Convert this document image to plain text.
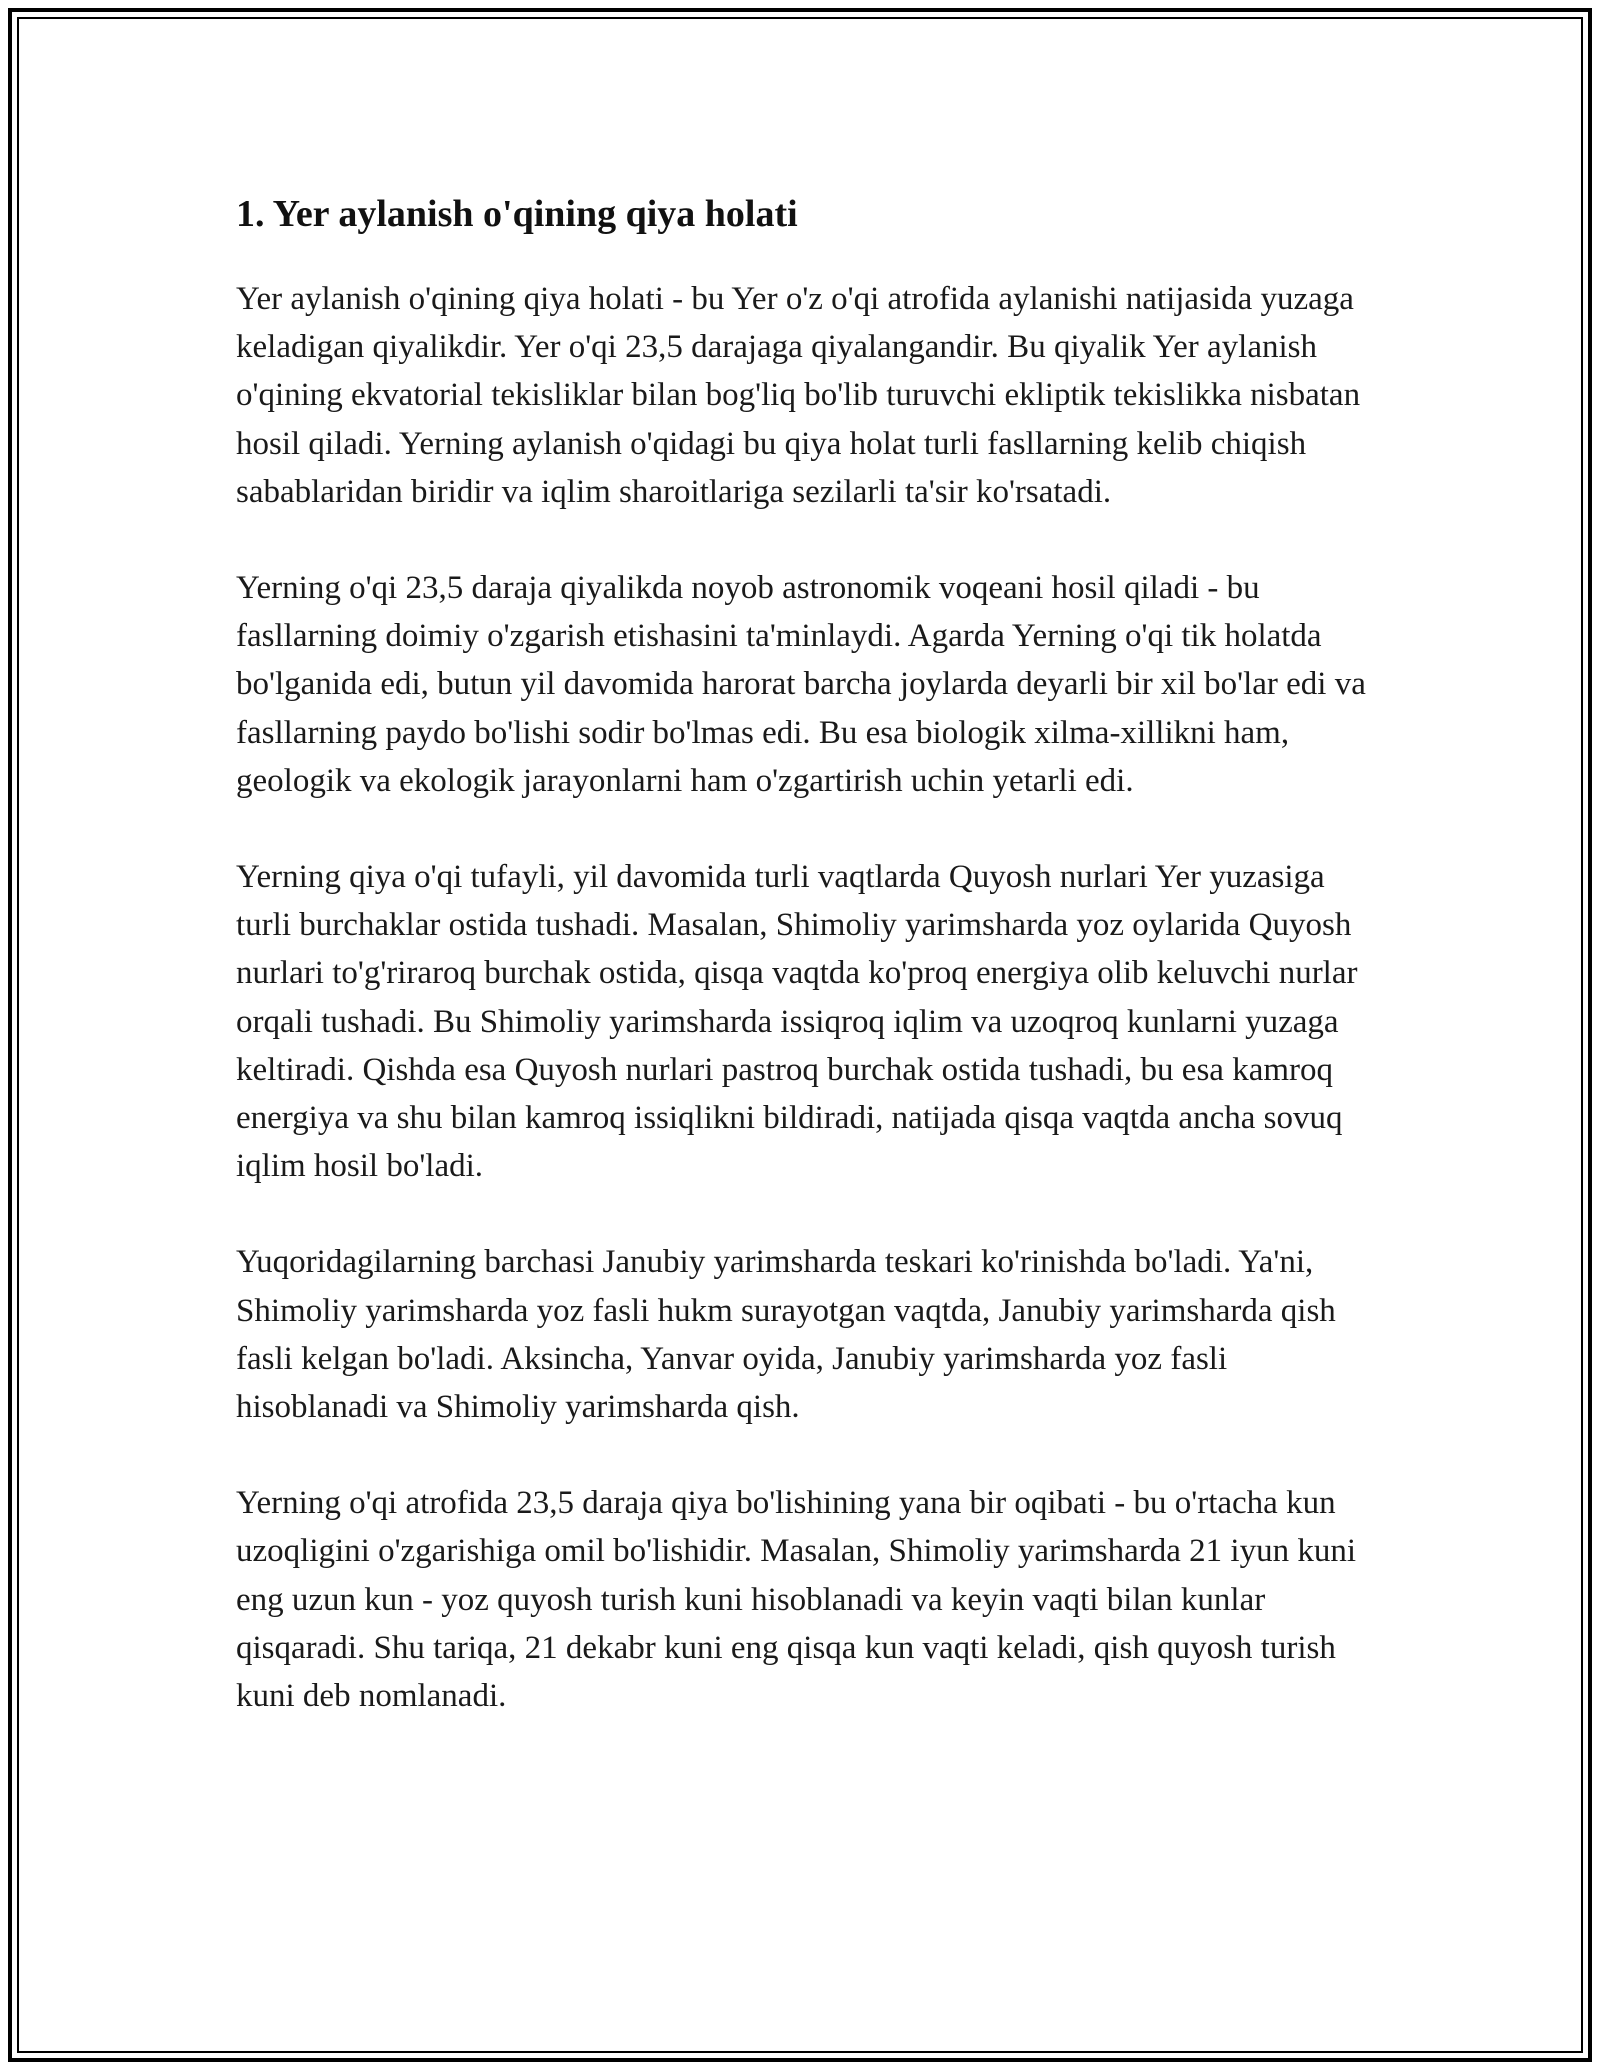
1. Yer aylanish o'qining qiya holati

Yer aylanish o'qining qiya holati - bu Yer o'z o'qi atrofida aylanishi natijasida yuzaga keladigan qiyalikdir. Yer o'qi 23,5 darajaga qiyalangandir. Bu qiyalik Yer aylanish o'qining ekvatorial tekisliklar bilan bog'liq bo'lib turuvchi ekliptik tekislikka nisbatan hosil qiladi. Yerning aylanish o'qidagi bu qiya holat turli fasllarning kelib chiqish sabablaridan biridir va iqlim sharoitlariga sezilarli ta'sir ko'rsatadi.

Yerning o'qi 23,5 daraja qiyalikda noyob astronomik voqeani hosil qiladi - bu fasllarning doimiy o'zgarish etishasini ta'minlaydi. Agarda Yerning o'qi tik holatda bo'lganida edi, butun yil davomida harorat barcha joylarda deyarli bir xil bo'lar edi va fasllarning paydo bo'lishi sodir bo'lmas edi. Bu esa biologik xilma-xillikni ham, geologik va ekologik jarayonlarni ham o'zgartirish uchin yetarli edi.

Yerning qiya o'qi tufayli, yil davomida turli vaqtlarda Quyosh nurlari Yer yuzasiga turli burchaklar ostida tushadi. Masalan, Shimoliy yarimsharda yoz oylarida Quyosh nurlari to'g'riraroq burchak ostida, qisqa vaqtda ko'proq energiya olib keluvchi nurlar orqali tushadi. Bu Shimoliy yarimsharda issiqroq iqlim va uzoqroq kunlarni yuzaga keltiradi. Qishda esa Quyosh nurlari pastroq burchak ostida tushadi, bu esa kamroq energiya va shu bilan kamroq issiqlikni bildiradi, natijada qisqa vaqtda ancha sovuq iqlim hosil bo'ladi.

Yuqoridagilarning barchasi Janubiy yarimsharda teskari ko'rinishda bo'ladi. Ya'ni, Shimoliy yarimsharda yoz fasli hukm surayotgan vaqtda, Janubiy yarimsharda qish fasli kelgan bo'ladi. Aksincha, Yanvar oyida, Janubiy yarimsharda yoz fasli hisoblanadi va Shimoliy yarimsharda qish.

Yerning o'qi atrofida 23,5 daraja qiya bo'lishining yana bir oqibati - bu o'rtacha kun uzoqligini o'zgarishiga omil bo'lishidir. Masalan, Shimoliy yarimsharda 21 iyun kuni eng uzun kun - yoz quyosh turish kuni hisoblanadi va keyin vaqti bilan kunlar qisqaradi. Shu tariqa, 21 dekabr kuni eng qisqa kun vaqti keladi, qish quyosh turish kuni deb nomlanadi.
